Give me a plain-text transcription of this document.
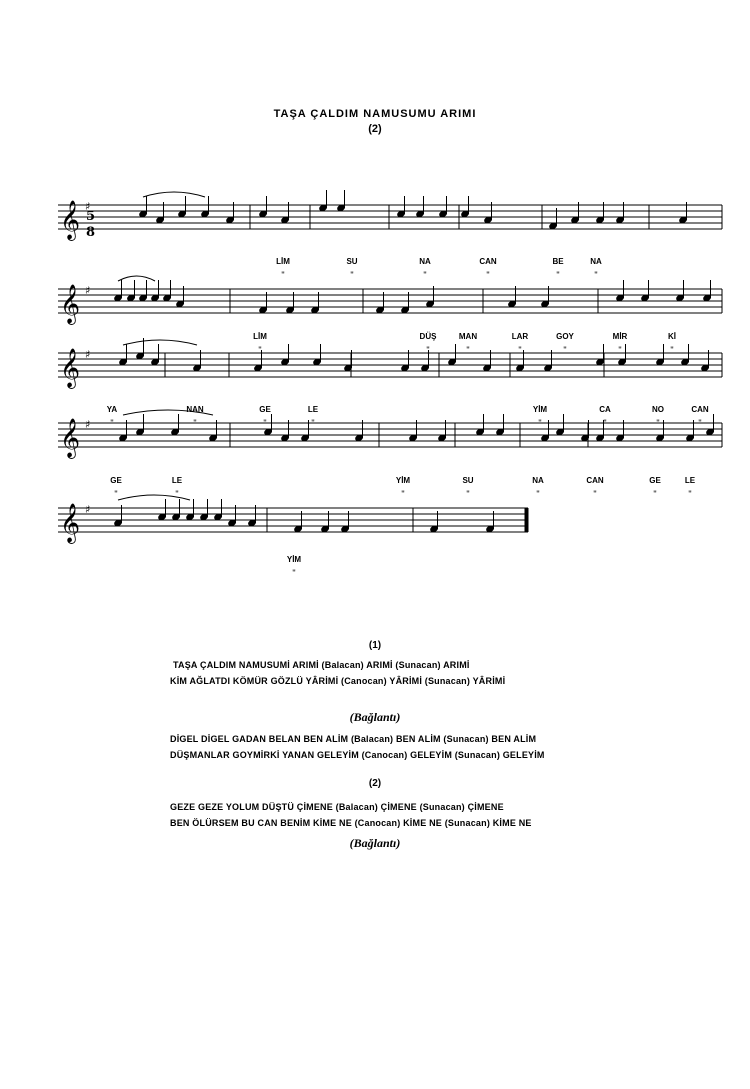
TAŞA ÇALDIM NAMUSUMU ARIMI
(2)
𝄞 ♯
𝄞 ♯
𝄞 ♯
𝄞 ♯
𝄞 ♯
LİM
"
SU
"
NA
"
CAN
"
BE
"
NA
"
LİM
"
DÜŞ
"
MAN
"
LAR
"
GOY
"
MİR
"
Kİ
"
YA
"
NAN
"
GE
"
LE
"
YİM
"
CA
"
NO
"
CAN
"
GE
"
LE
"
YİM
"
SU
"
NA
"
CAN
"
GE
"
LE
"
YİM
"
5
8
(1)
TAŞA ÇALDIM NAMUSUMİ ARIMİ (Balacan) ARIMİ (Sunacan) ARIMİ
KİM AĞLATDI KÖMÜR GÖZLÜ YÂRİMİ (Canocan) YÂRİMİ (Sunacan) YÂRİMİ
(Bağlantı)
DİGEL DİGEL GADAN BELAN BEN ALİM (Balacan) BEN ALİM (Sunacan) BEN ALİM
DÜŞMANLAR GOYMİRKİ YANAN GELEYİM (Canocan) GELEYİM (Sunacan) GELEYİM
(2)
GEZE GEZE YOLUM DÜŞTÜ ÇİMENE (Balacan) ÇİMENE (Sunacan) ÇİMENE
BEN ÖLÜRSEM BU CAN BENİM KİME NE (Canocan) KİME NE (Sunacan) KİME NE
(Bağlantı)
